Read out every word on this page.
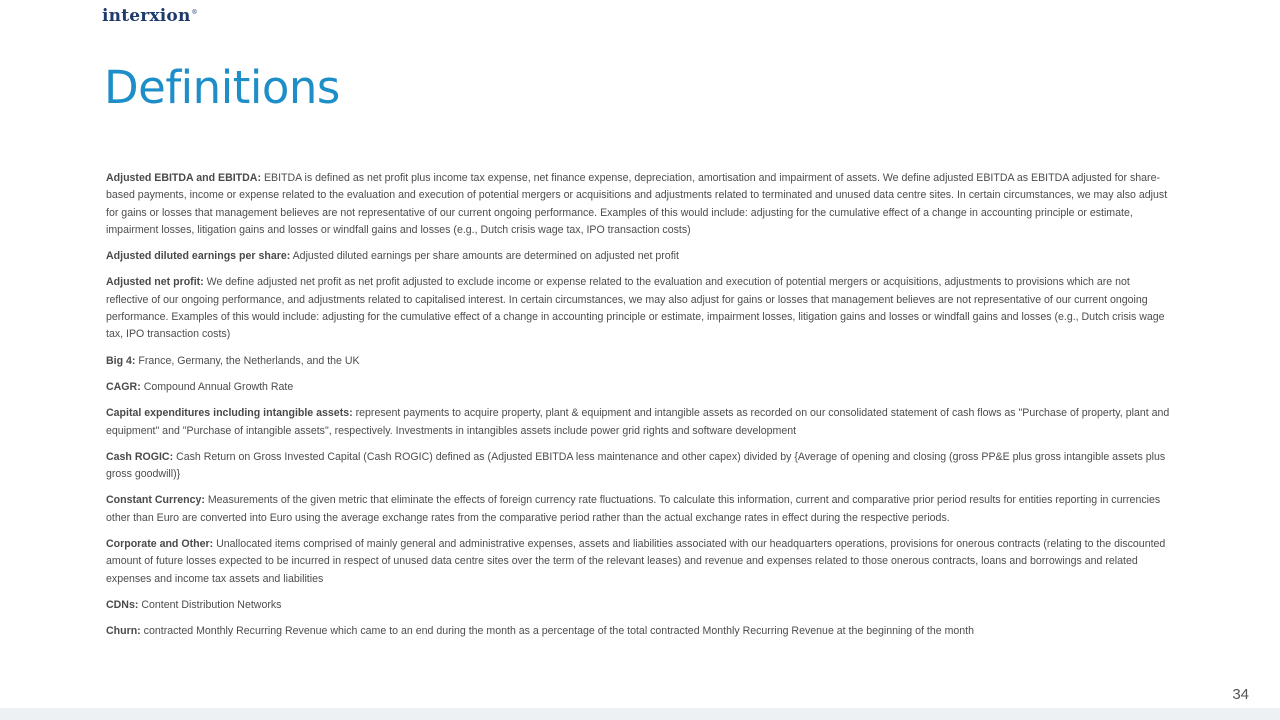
interxion®
Definitions

Adjusted EBITDA and EBITDA: EBITDA is defined as net profit plus income tax expense, net finance expense, depreciation, amortisation and impairment of assets. We define adjusted EBITDA as EBITDA adjusted for share-based payments, income or expense related to the evaluation and execution of potential mergers or acquisitions and adjustments related to terminated and unused data centre sites. In certain circumstances, we may also adjust for gains or losses that management believes are not representative of our current ongoing performance. Examples of this would include: adjusting for the cumulative effect of a change in accounting principle or estimate, impairment losses, litigation gains and losses or windfall gains and losses (e.g., Dutch crisis wage tax, IPO transaction costs)

Adjusted diluted earnings per share: Adjusted diluted earnings per share amounts are determined on adjusted net profit

Adjusted net profit: We define adjusted net profit as net profit adjusted to exclude income or expense related to the evaluation and execution of potential mergers or acquisitions, adjustments to provisions which are not reflective of our ongoing performance, and adjustments related to capitalised interest. In certain circumstances, we may also adjust for gains or losses that management believes are not representative of our current ongoing performance. Examples of this would include: adjusting for the cumulative effect of a change in accounting principle or estimate, impairment losses, litigation gains and losses or windfall gains and losses (e.g., Dutch crisis wage tax, IPO transaction costs)

Big 4: France, Germany, the Netherlands, and the UK

CAGR: Compound Annual Growth Rate

Capital expenditures including intangible assets: represent payments to acquire property, plant & equipment and intangible assets as recorded on our consolidated statement of cash flows as "Purchase of property, plant and equipment" and "Purchase of intangible assets", respectively. Investments in intangibles assets include power grid rights and software development

Cash ROGIC: Cash Return on Gross Invested Capital (Cash ROGIC) defined as (Adjusted EBITDA less maintenance and other capex) divided by {Average of opening and closing (gross PP&E plus gross intangible assets plus gross goodwill)}

Constant Currency: Measurements of the given metric that eliminate the effects of foreign currency rate fluctuations. To calculate this information, current and comparative prior period results for entities reporting in currencies other than Euro are converted into Euro using the average exchange rates from the comparative period rather than the actual exchange rates in effect during the respective periods.

Corporate and Other: Unallocated items comprised of mainly general and administrative expenses, assets and liabilities associated with our headquarters operations, provisions for onerous contracts (relating to the discounted amount of future losses expected to be incurred in respect of unused data centre sites over the term of the relevant leases) and revenue and expenses related to those onerous contracts, loans and borrowings and related expenses and income tax assets and liabilities

CDNs: Content Distribution Networks

Churn: contracted Monthly Recurring Revenue which came to an end during the month as a percentage of the total contracted Monthly Recurring Revenue at the beginning of the month

34
